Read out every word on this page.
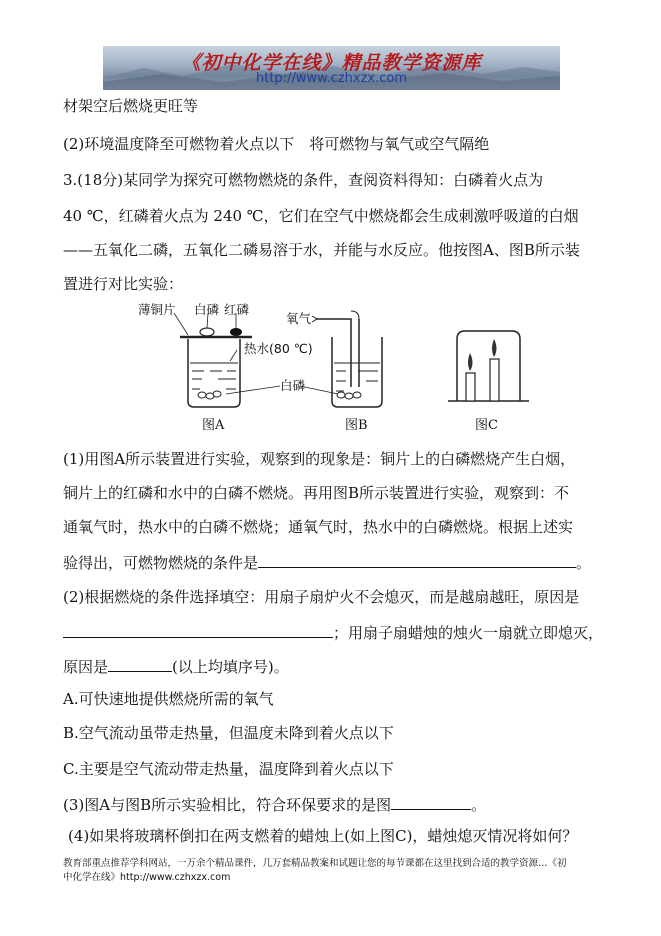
《初中化学在线》精品教学资源库
http://www.czhxzx.com
材架空后燃烧更旺等
(2)环境温度降至可燃物着火点以下　将可燃物与氧气或空气隔绝
3.(18分)某同学为探究可燃物燃烧的条件，查阅资料得知：白磷着火点为
40 ℃，红磷着火点为 240 ℃，它们在空气中燃烧都会生成刺激呼吸道的白烟
——五氧化二磷，五氧化二磷易溶于水，并能与水反应。他按图A、图B所示装
置进行对比实验：
薄铜片 白磷 红磷
氧气
热水(80 ℃)
白磷
图A	图B	图C
(1)用图A所示装置进行实验，观察到的现象是：铜片上的白磷燃烧产生白烟，
铜片上的红磷和水中的白磷不燃烧。再用图B所示装置进行实验，观察到：不
通氧气时，热水中的白磷不燃烧；通氧气时，热水中的白磷燃烧。根据上述实
验得出，可燃物燃烧的条件是	。
(2)根据燃烧的条件选择填空：用扇子扇炉火不会熄灭，而是越扇越旺，原因是
；用扇子扇蜡烛的烛火一扇就立即熄灭，
原因是	(以上均填序号)。
A.可快速地提供燃烧所需的氧气
B.空气流动虽带走热量，但温度未降到着火点以下
C.主要是空气流动带走热量，温度降到着火点以下
(3)图A与图B所示实验相比，符合环保要求的是图	。
(4)如果将玻璃杯倒扣在两支燃着的蜡烛上(如上图C)，蜡烛熄灭情况将如何？
教育部重点推荐学科网站，一万余个精品课件，几万套精品教案和试题让您的每节课都在这里找到合适的教学资源…《初
中化学在线》http://www.czhxzx.com
